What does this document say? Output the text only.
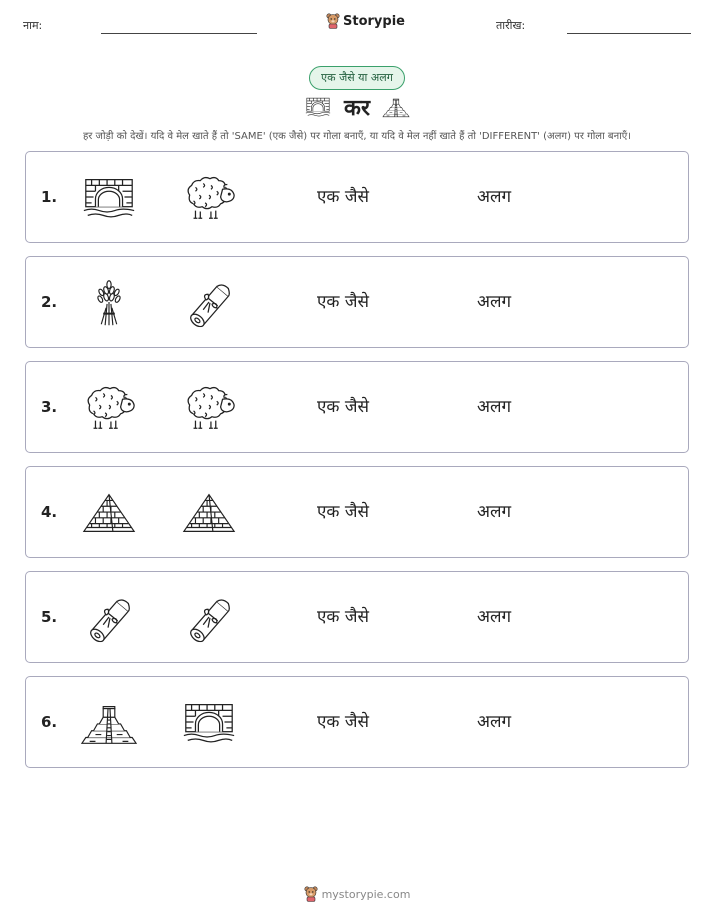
नाम:	Storypie	तारीख:
एक जैसे या अलग
कर
हर जोड़ी को देखें। यदि वे मेल खाते हैं तो 'SAME' (एक जैसे) पर गोला बनाएँ, या यदि वे मेल नहीं खाते हैं तो 'DIFFERENT' (अलग) पर गोला बनाएँ।
1.	एक जैसे	अलग
2.	एक जैसे	अलग
3.	एक जैसे	अलग
4.	एक जैसे	अलग
5.	एक जैसे	अलग
6.	एक जैसे	अलग
mystorypie.com
